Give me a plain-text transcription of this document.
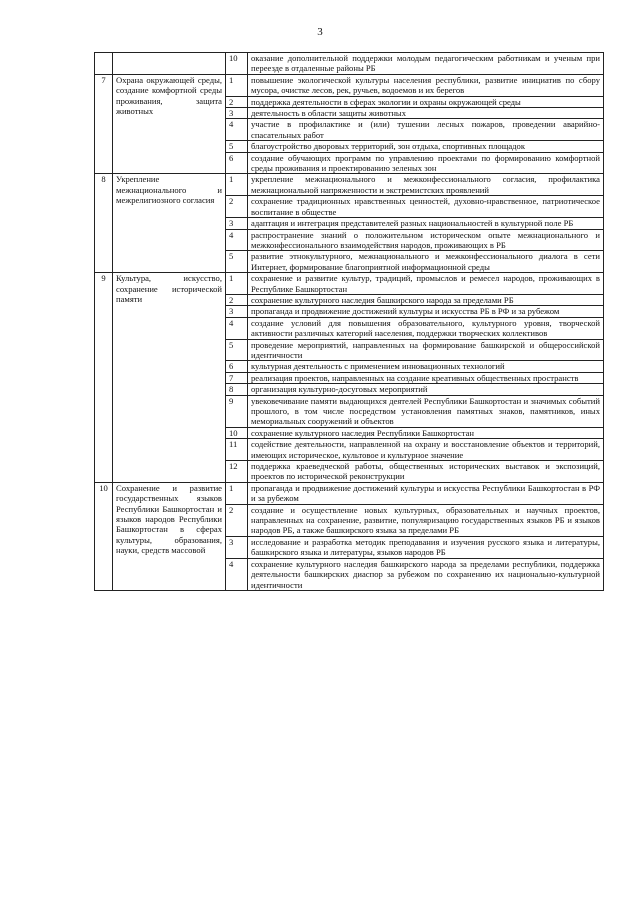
3
		10	оказание дополнительной поддержки молодым педагогическим работникам и ученым при переезде в отдаленные районы РБ
7	Охрана окружающей среды, создание комфортной среды проживания, защита животных	1	повышение экологической культуры населения республики, развитие инициатив по сбору мусора, очистке лесов, рек, ручьев, водоемов и их берегов
		2	поддержка деятельности в сферах экологии и охраны окружающей среды
		3	деятельность в области защиты животных
		4	участие в профилактике и (или) тушении лесных пожаров, проведении аварийно-спасательных работ
		5	благоустройство дворовых территорий, зон отдыха, спортивных площадок
		6	создание обучающих программ по управлению проектами по формированию комфортной среды проживания и проектированию зеленых зон
8	Укрепление межнационального и межрелигиозного согласия	1	укрепление межнационального и межконфессионального согласия, профилактика межнациональной напряженности и экстремистских проявлений
		2	сохранение традиционных нравственных ценностей, духовно-нравственное, патриотическое воспитание в обществе
		3	адаптация и интеграция представителей разных национальностей в культурной поле РБ
		4	распространение знаний о положительном историческом опыте межнационального и межконфессионального взаимодействия народов, проживающих в РБ
		5	развитие этнокультурного, межнационального и межконфессионального диалога в сети Интернет, формирование благоприятной информационной среды
9	Культура, искусство, сохранение исторической памяти	1	сохранение и развитие культур, традиций, промыслов и ремесел народов, проживающих в Республике Башкортостан
		2	сохранение культурного наследия башкирского народа за пределами РБ
		3	пропаганда и продвижение достижений культуры и искусства РБ в РФ и за рубежом
		4	создание условий для повышения образовательного, культурного уровня, творческой активности различных категорий населения, поддержки творческих коллективов
		5	проведение мероприятий, направленных на формирование башкирской и общероссийской идентичности
		6	культурная деятельность с применением инновационных технологий
		7	реализация проектов, направленных на создание креативных общественных пространств
		8	организация культурно-досуговых мероприятий
		9	увековечивание памяти выдающихся деятелей Республики Башкортостан и значимых событий прошлого, в том числе посредством установления памятных знаков, памятников, иных мемориальных сооружений и объектов
		10	сохранение культурного наследия Республики Башкортостан
		11	содействие деятельности, направленной на охрану и восстановление объектов и территорий, имеющих историческое, культовое и культурное значение
		12	поддержка краеведческой работы, общественных исторических выставок и экспозиций, проектов по исторической реконструкции
10	Сохранение и развитие государственных языков Республики Башкортостан и языков народов Республики Башкортостан в сферах культуры, образования, науки, средств массовой	1	пропаганда и продвижение достижений культуры и искусства Республики Башкортостан в РФ и за рубежом
		2	создание и осуществление новых культурных, образовательных и научных проектов, направленных на сохранение, развитие, популяризацию государственных языков РБ и языков народов РБ, а также башкирского языка за пределами РБ
		3	исследование и разработка методик преподавания и изучения русского языка и литературы, башкирского языка и литературы, языков народов РБ
		4	сохранение культурного наследия башкирского народа за пределами республики, поддержка деятельности башкирских диаспор за рубежом по сохранению их национально-культурной идентичности
